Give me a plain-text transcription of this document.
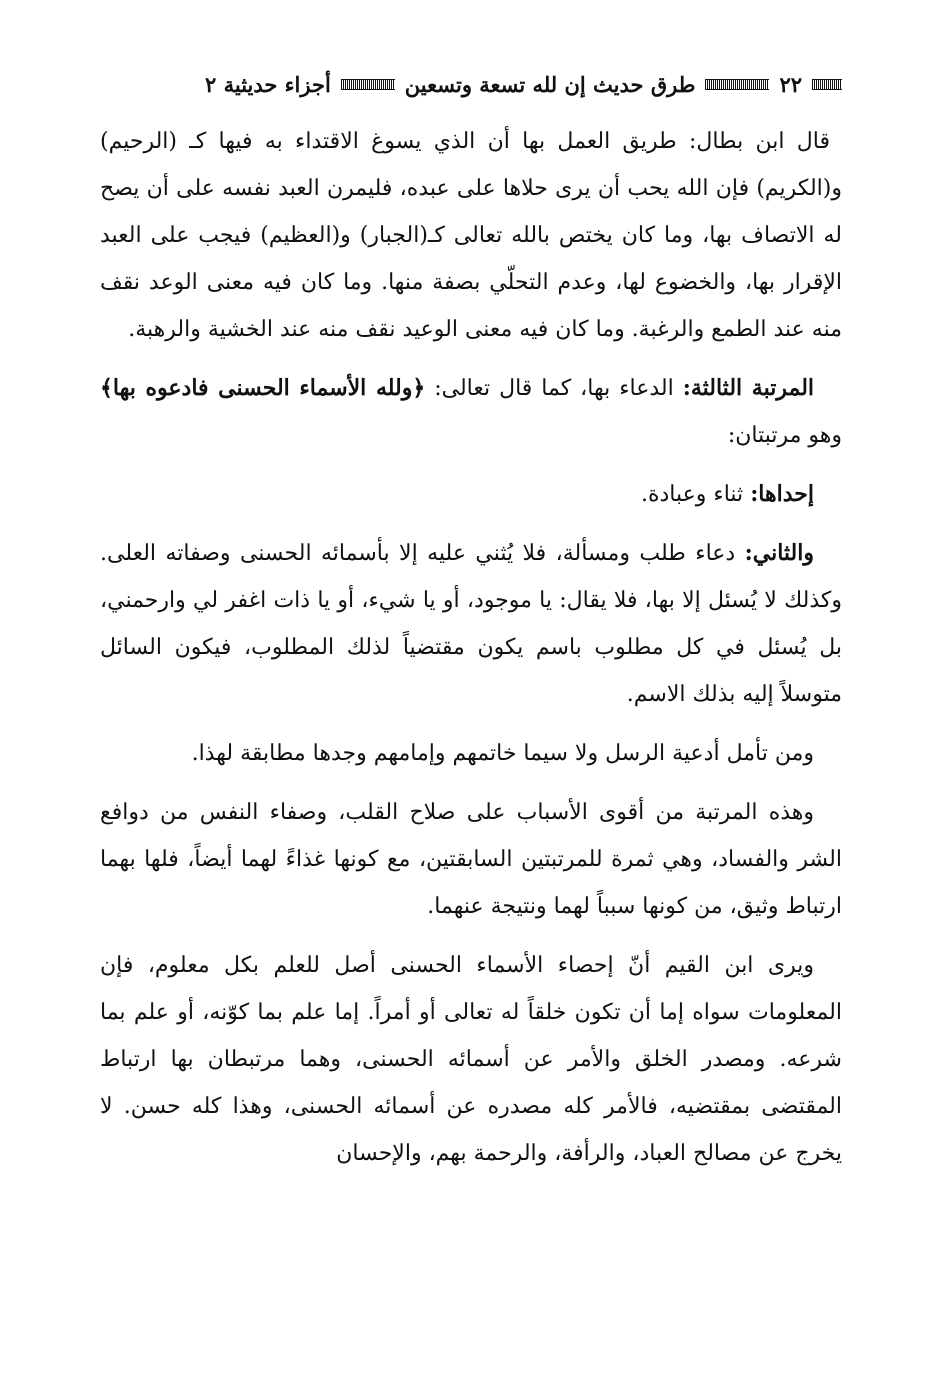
٢٢
طرق حديث إن لله تسعة وتسعين
أجزاء حديثية ٢

قال ابن بطال: طريق العمل بها أن الذي يسوغ الاقتداء به فيها كـ (الرحيم) و(الكريم) فإن الله يحب أن يرى حلاها على عبده، فليمرن العبد نفسه على أن يصح له الاتصاف بها، وما كان يختص بالله تعالى كـ(الجبار) و(العظيم) فيجب على العبد الإقرار بها، والخضوع لها، وعدم التحلّي بصفة منها. وما كان فيه معنى الوعد نقف منه عند الطمع والرغبة. وما كان فيه معنى الوعيد نقف منه عند الخشية والرهبة.

المرتبة الثالثة: الدعاء بها، كما قال تعالى: ﴿ولله الأسماء الحسنى فادعوه بها﴾ وهو مرتبتان:

إحداها: ثناء وعبادة.

والثاني: دعاء طلب ومسألة، فلا يُثني عليه إلا بأسمائه الحسنى وصفاته العلى. وكذلك لا يُسئل إلا بها، فلا يقال: يا موجود، أو يا شيء، أو يا ذات اغفر لي وارحمني، بل يُسئل في كل مطلوب باسم يكون مقتضياً لذلك المطلوب، فيكون السائل متوسلاً إليه بذلك الاسم.

ومن تأمل أدعية الرسل ولا سيما خاتمهم وإمامهم وجدها مطابقة لهذا.

وهذه المرتبة من أقوى الأسباب على صلاح القلب، وصفاء النفس من دوافع الشر والفساد، وهي ثمرة للمرتبتين السابقتين، مع كونها غذاءً لهما أيضاً، فلها بهما ارتباط وثيق، من كونها سبباً لهما ونتيجة عنهما.

ويرى ابن القيم أنّ إحصاء الأسماء الحسنى أصل للعلم بكل معلوم، فإن المعلومات سواه إما أن تكون خلقاً له تعالى أو أمراً. إما علم بما كوّنه، أو علم بما شرعه. ومصدر الخلق والأمر عن أسمائه الحسنى، وهما مرتبطان بها ارتباط المقتضى بمقتضيه، فالأمر كله مصدره عن أسمائه الحسنى، وهذا كله حسن. لا يخرج عن مصالح العباد، والرأفة، والرحمة بهم، والإحسان
